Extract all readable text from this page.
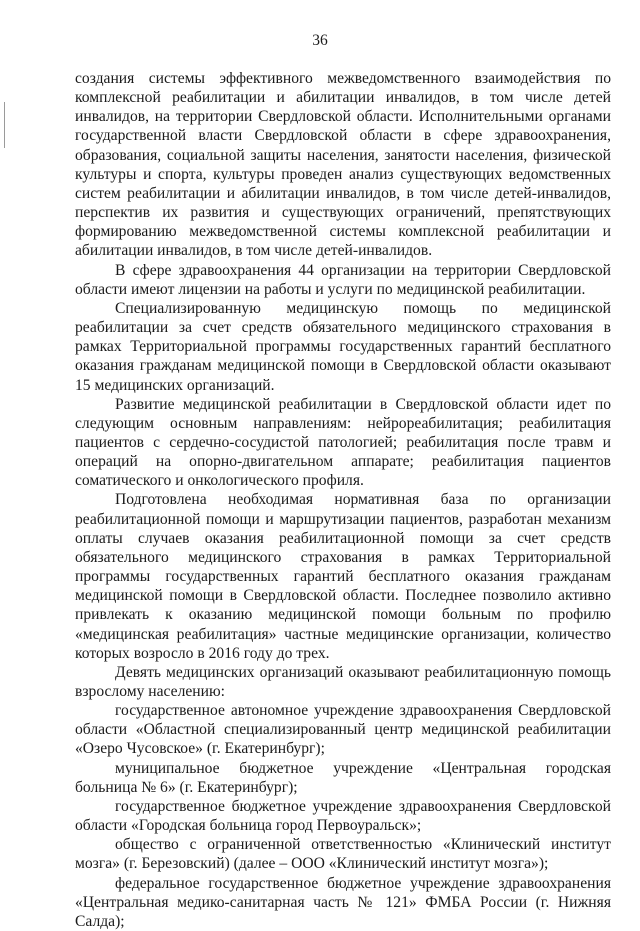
36

создания системы эффективного межведомственного взаимодействия по комплексной реабилитации и абилитации инвалидов, в том числе детей инвалидов, на территории Свердловской области. Исполнительными органами государственной власти Свердловской области в сфере здравоохранения, образования, социальной защиты населения, занятости населения, физической культуры и спорта, культуры проведен анализ существующих ведомственных систем реабилитации и абилитации инвалидов, в том числе детей-инвалидов, перспектив их развития и существующих ограничений, препятствующих формированию межведомственной системы комплексной реабилитации и абилитации инвалидов, в том числе детей-инвалидов.

В сфере здравоохранения 44 организации на территории Свердловской области имеют лицензии на работы и услуги по медицинской реабилитации.

Специализированную медицинскую помощь по медицинской реабилитации за счет средств обязательного медицинского страхования в рамках Территориальной программы государственных гарантий бесплатного оказания гражданам медицинской помощи в Свердловской области оказывают 15 медицинских организаций.

Развитие медицинской реабилитации в Свердловской области идет по следующим основным направлениям: нейрореабилитация; реабилитация пациентов с сердечно-сосудистой патологией; реабилитация после травм и операций на опорно-двигательном аппарате; реабилитация пациентов соматического и онкологического профиля.

Подготовлена необходимая нормативная база по организации реабилитационной помощи и маршрутизации пациентов, разработан механизм оплаты случаев оказания реабилитационной помощи за счет средств обязательного медицинского страхования в рамках Территориальной программы государственных гарантий бесплатного оказания гражданам медицинской помощи в Свердловской области. Последнее позволило активно привлекать к оказанию медицинской помощи больным по профилю «медицинская реабилитация» частные медицинские организации, количество которых возросло в 2016 году до трех.

Девять медицинских организаций оказывают реабилитационную помощь взрослому населению:

государственное автономное учреждение здравоохранения Свердловской области «Областной специализированный центр медицинской реабилитации «Озеро Чусовское» (г. Екатеринбург);

муниципальное бюджетное учреждение «Центральная городская больница № 6» (г. Екатеринбург);

государственное бюджетное учреждение здравоохранения Свердловской области «Городская больница город Первоуральск»;

общество с ограниченной ответственностью «Клинический институт мозга» (г. Березовский) (далее – ООО «Клинический институт мозга»);

федеральное государственное бюджетное учреждение здравоохранения «Центральная медико-санитарная часть № 121» ФМБА России (г. Нижняя Салда);
